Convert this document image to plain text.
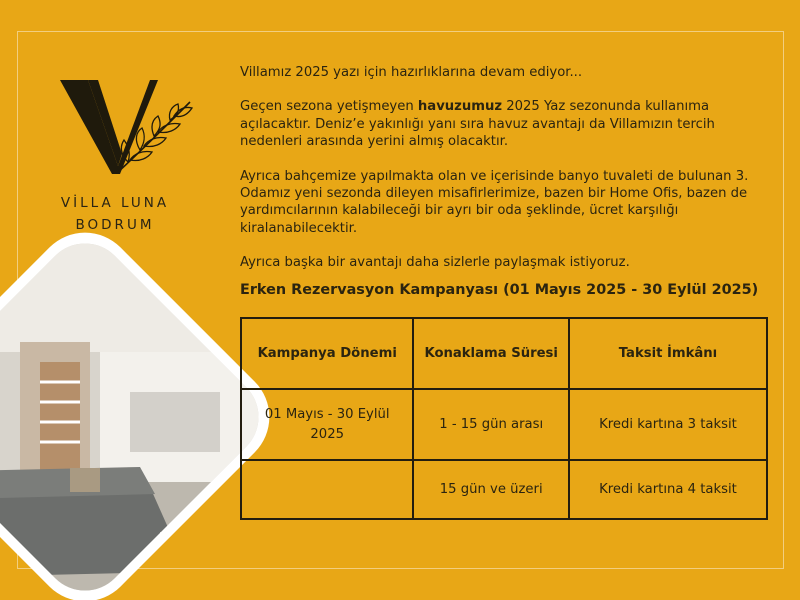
VİLLA LUNA
BODRUM

Villamız 2025 yazı için hazırlıklarına devam ediyor...

Geçen sezona yetişmeyen havuzumuz 2025 Yaz sezonunda kullanıma açılacaktır. Deniz’e yakınlığı yanı sıra havuz avantajı da Villamızın tercih nedenleri arasında yerini almış olacaktır.

Ayrıca bahçemize yapılmakta olan ve içerisinde banyo tuvaleti de bulunan 3. Odamız yeni sezonda dileyen misafirlerimize, bazen bir Home Ofis, bazen de yardımcılarının kalabileceği bir ayrı bir oda şeklinde, ücret karşılığı kiralanabilecektir.

Ayrıca başka bir avantajı daha sizlerle paylaşmak istiyoruz.

Erken Rezervasyon Kampanyası (01 Mayıs 2025 - 30 Eylül 2025)
Kampanya Dönemi	Konaklama Süresi	Taksit İmkânı
01 Mayıs - 30 Eylül 2025	1 - 15 gün arası	Kredi kartına 3 taksit
	15 gün ve üzeri	Kredi kartına 4 taksit
